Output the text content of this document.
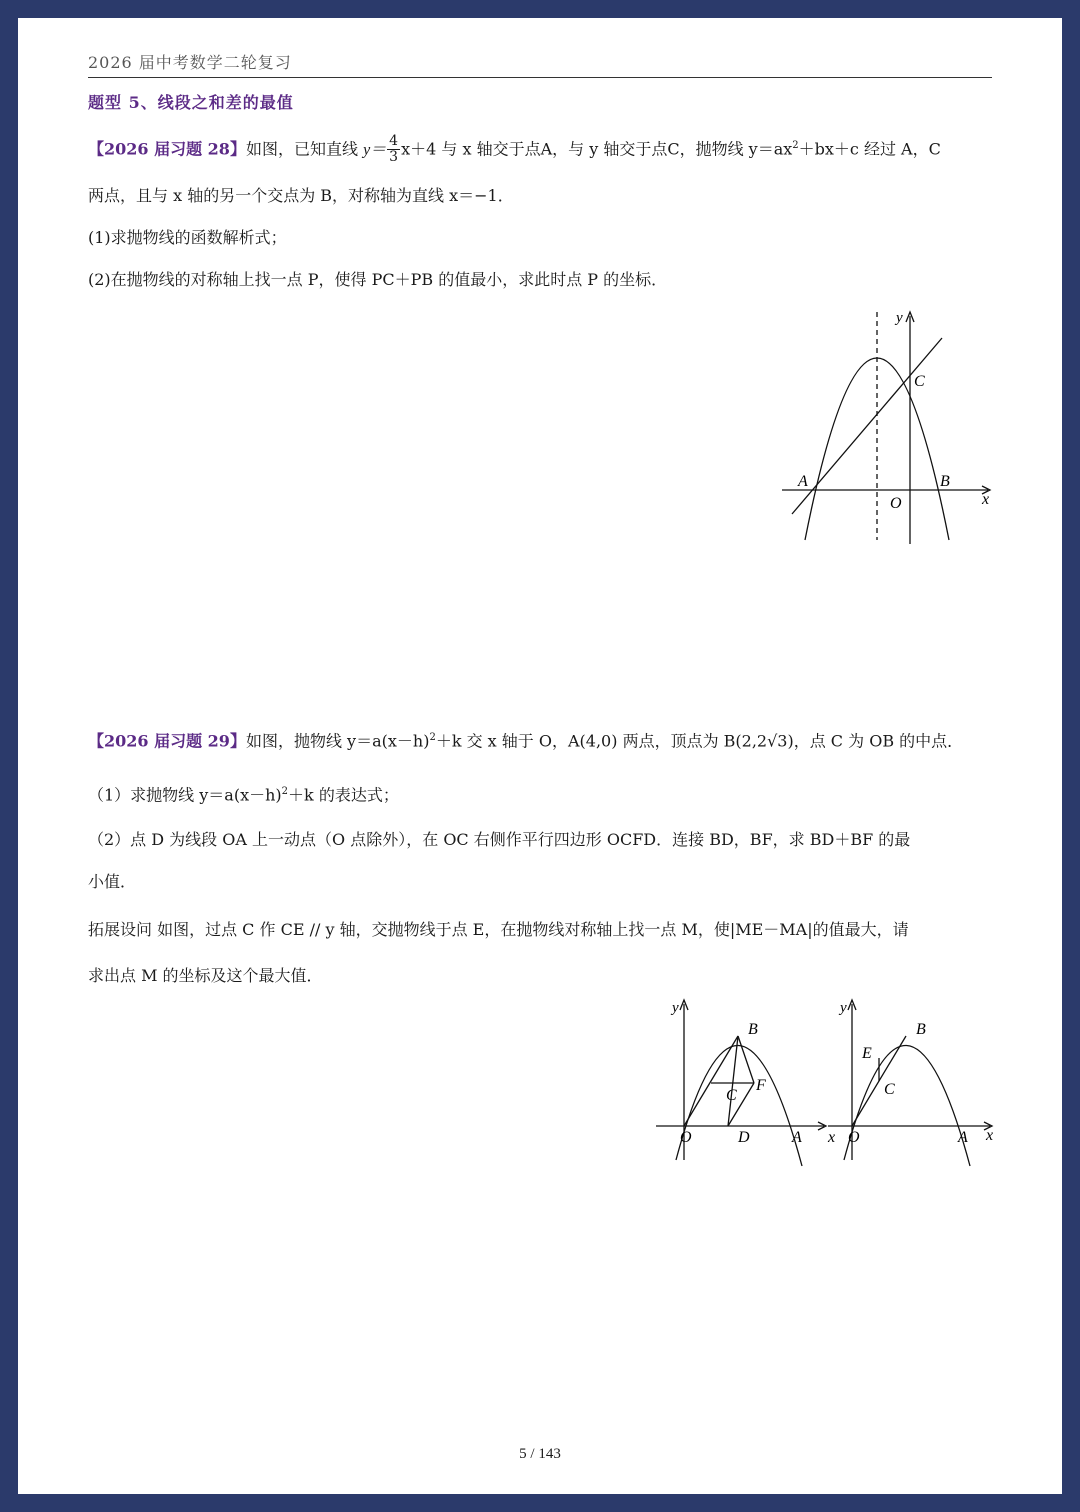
2026 届中考数学二轮复习
题型 5、线段之和差的最值
【2026 届习题 28】如图，已知直线 $y= \frac{4}{3} x+4$ 与 x 轴交于点A，与 y 轴交于点C，抛物线 $y=ax^2+bx+c$ 经过 A，C
两点，且与 x 轴的另一个交点为 B，对称轴为直线 x＝−1．
(1)求抛物线的函数解析式；
(2)在抛物线的对称轴上找一点 P，使得 PC＋PB 的值最小，求此时点 P 的坐标．
y
C
A	B
O	x
【2026 届习题 29】如图，抛物线 $y=a(x-h)^2+k$ 交 x 轴于 O，A(4,0) 两点，顶点为 B(2,2√3)，点 C 为 OB 的中点．
（1）求抛物线 $y=a(x-h)^2+k$ 的表达式；
（2）点 D 为线段 OA 上一动点（O 点除外），在 OC 右侧作平行四边形 OCFD．连接 BD，BF，求 BD＋BF 的最
小值．
拓展设问 如图，过点 C 作 CE // y 轴，交抛物线于点 E，在抛物线对称轴上找一点 M，使|ME－MA|的值最大，请
求出点 M 的坐标及这个最大值．
y
B
F
C
O	D	A x
y
B
E
C
O	A x
5 / 143
